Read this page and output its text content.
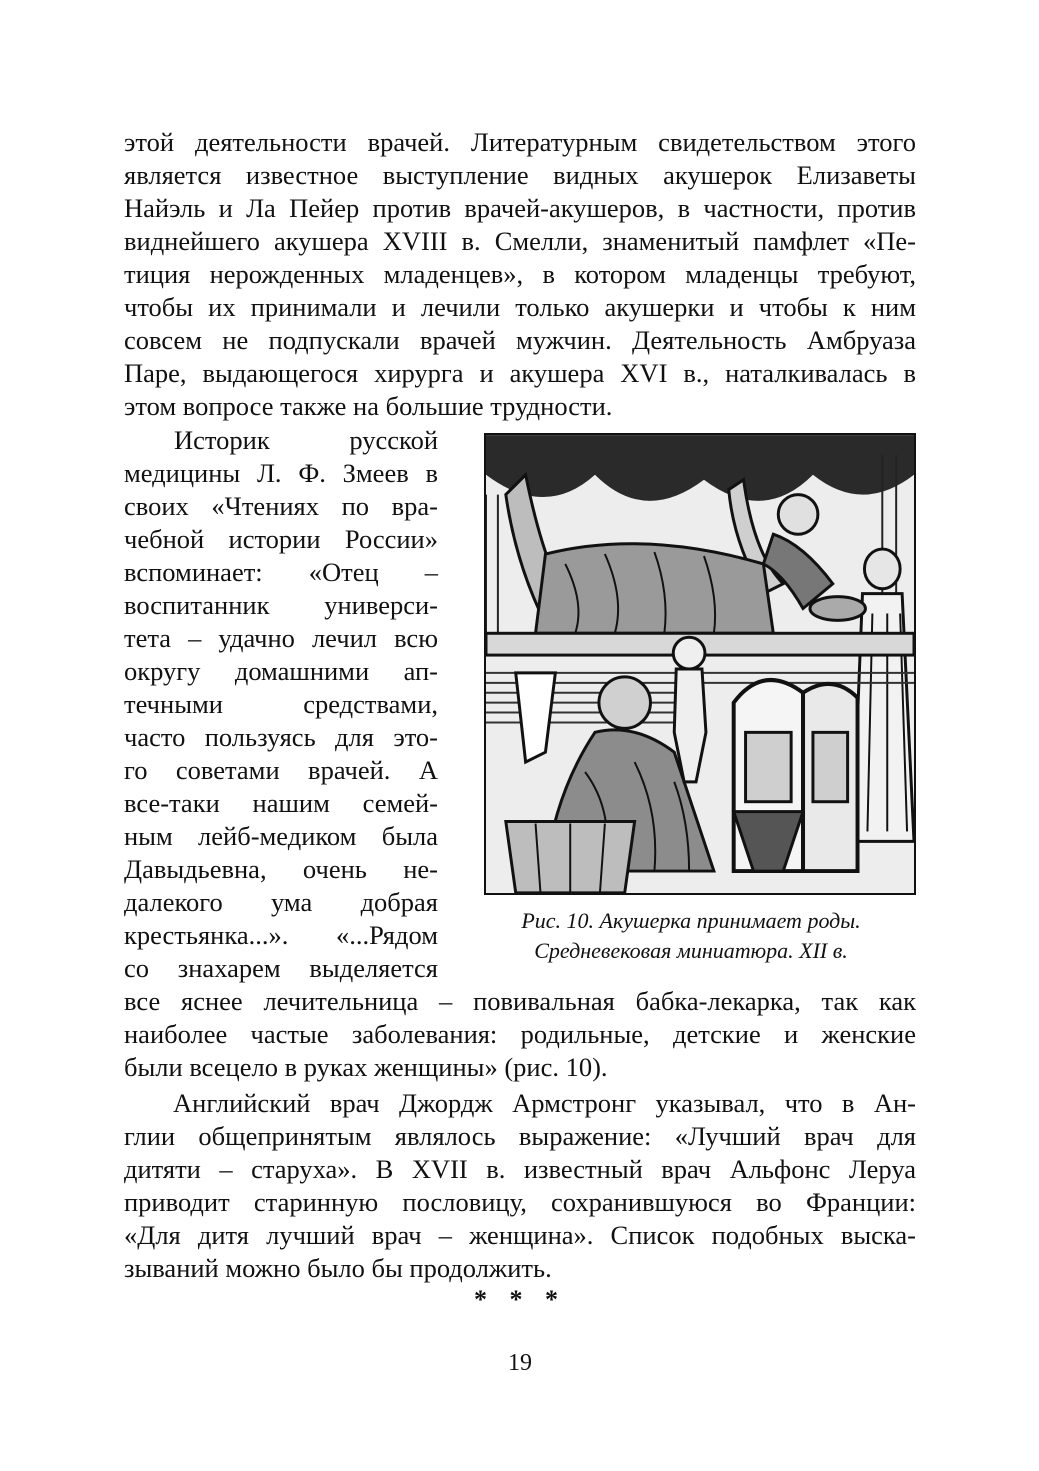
этой деятельности врачей. Литературным свидетельством этого

является известное выступление видных акушерок Елизаветы

Найэль и Ла Пейер против врачей-акушеров, в частности, против

виднейшего акушера XVIII в. Смелли, знаменитый памфлет «Пе-

тиция нерожденных младенцев», в котором младенцы требуют,

чтобы их принимали и лечили только акушерки и чтобы к ним

совсем не подпускали врачей мужчин. Деятельность Амбруаза

Паре, выдающегося хирурга и акушера XVI в., наталкивалась в

этом вопросе также на большие трудности.

Историк русской

медицины Л. Ф. Змеев в

своих «Чтениях по вра-

чебной истории России»

вспоминает: «Отец –

воспитанник универси-

тета – удачно лечил всю

округу домашними ап-

течными средствами,

часто пользуясь для это-

го советами врачей. А

все-таки нашим семей-

ным лейб-медиком была

Давыдьевна, очень не-

далекого ума добрая

крестьянка...». «...Рядом

со знахарем выделяется

Рис. 10. Акушерка принимает роды.
Средневековая миниатюра. XII в.

все яснее лечительница – повивальная бабка-лекарка, так как

наиболее частые заболевания: родильные, детские и женские

были всецело в руках женщины» (рис. 10).

Английский врач Джордж Армстронг указывал, что в Ан-

глии общепринятым являлось выражение: «Лучший врач для

дитяти – старуха». В XVII в. известный врач Альфонс Леруа

приводит старинную пословицу, сохранившуюся во Франции:

«Для дитя лучший врач – женщина». Список подобных выска-

зываний можно было бы продолжить.

* * *
19
